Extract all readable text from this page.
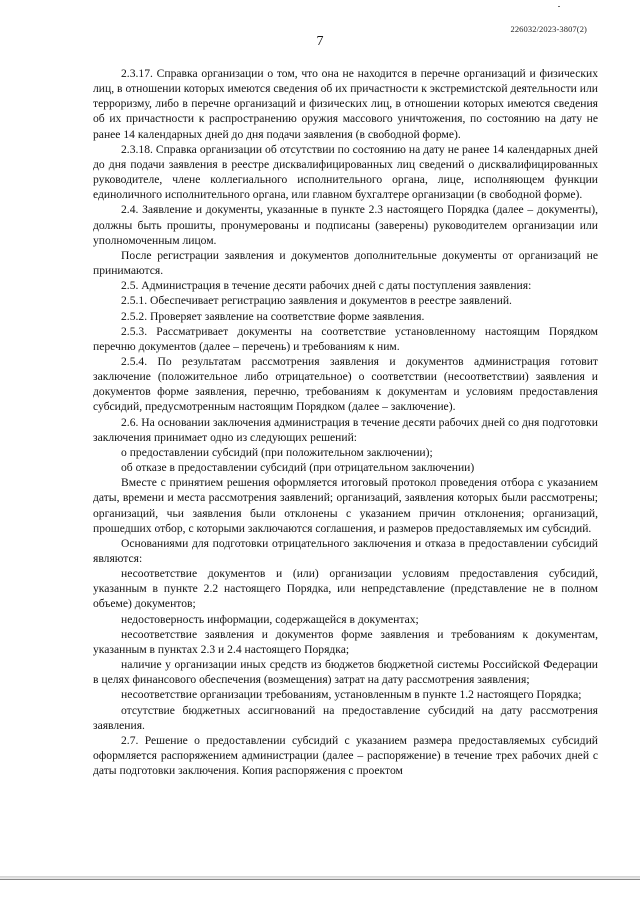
226032/2023-3807(2)
7

2.3.17. Справка организации о том, что она не находится в перечне организаций и физических лиц, в отношении которых имеются сведения об их причастности к экстремистской деятельности или терроризму, либо в перечне организаций и физических лиц, в отношении которых имеются сведения об их причастности к распространению оружия массового уничтожения, по состоянию на дату не ранее 14 календарных дней до дня подачи заявления (в свободной форме).

2.3.18. Справка организации об отсутствии по состоянию на дату не ранее 14 календарных дней до дня подачи заявления в реестре дисквалифицированных лиц сведений о дисквалифицированных руководителе, члене коллегиального исполнительного органа, лице, исполняющем функции единоличного исполнительного органа, или главном бухгалтере организации (в свободной форме).

2.4. Заявление и документы, указанные в пункте 2.3 настоящего Порядка (далее – документы), должны быть прошиты, пронумерованы и подписаны (заверены) руководителем организации или уполномоченным лицом.

После регистрации заявления и документов дополнительные документы от организаций не принимаются.

2.5. Администрация в течение десяти рабочих дней с даты поступления заявления:

2.5.1. Обеспечивает регистрацию заявления и документов в реестре заявлений.

2.5.2. Проверяет заявление на соответствие форме заявления.

2.5.3. Рассматривает документы на соответствие установленному настоящим Порядком перечню документов (далее – перечень) и требованиям к ним.

2.5.4. По результатам рассмотрения заявления и документов администрация готовит заключение (положительное либо отрицательное) о соответствии (несоответствии) заявления и документов форме заявления, перечню, требованиям к документам и условиям предоставления субсидий, предусмотренным настоящим Порядком (далее – заключение).

2.6. На основании заключения администрация в течение десяти рабочих дней со дня подготовки заключения принимает одно из следующих решений:

о предоставлении субсидий (при положительном заключении);

об отказе в предоставлении субсидий (при отрицательном заключении)

Вместе с принятием решения оформляется итоговый протокол проведения отбора с указанием даты, времени и места рассмотрения заявлений; организаций, заявления которых были рассмотрены; организаций, чьи заявления были отклонены с указанием причин отклонения; организаций, прошедших отбор, с которыми заключаются соглашения, и размеров предоставляемых им субсидий.

Основаниями для подготовки отрицательного заключения и отказа в предоставлении субсидий являются:

несоответствие документов и (или) организации условиям предоставления субсидий, указанным в пункте 2.2 настоящего Порядка, или непредставление (представление не в полном объеме) документов;

недостоверность информации, содержащейся в документах;

несоответствие заявления и документов форме заявления и требованиям к документам, указанным в пунктах 2.3 и 2.4 настоящего Порядка;

наличие у организации иных средств из бюджетов бюджетной системы Российской Федерации в целях финансового обеспечения (возмещения) затрат на дату рассмотрения заявления;

несоответствие организации требованиям, установленным в пункте 1.2 настоящего Порядка;

отсутствие бюджетных ассигнований на предоставление субсидий на дату рассмотрения заявления.

2.7. Решение о предоставлении субсидий с указанием размера предоставляемых субсидий оформляется распоряжением администрации (далее – распоряжение) в течение трех рабочих дней с даты подготовки заключения. Копия распоряжения с проектом
